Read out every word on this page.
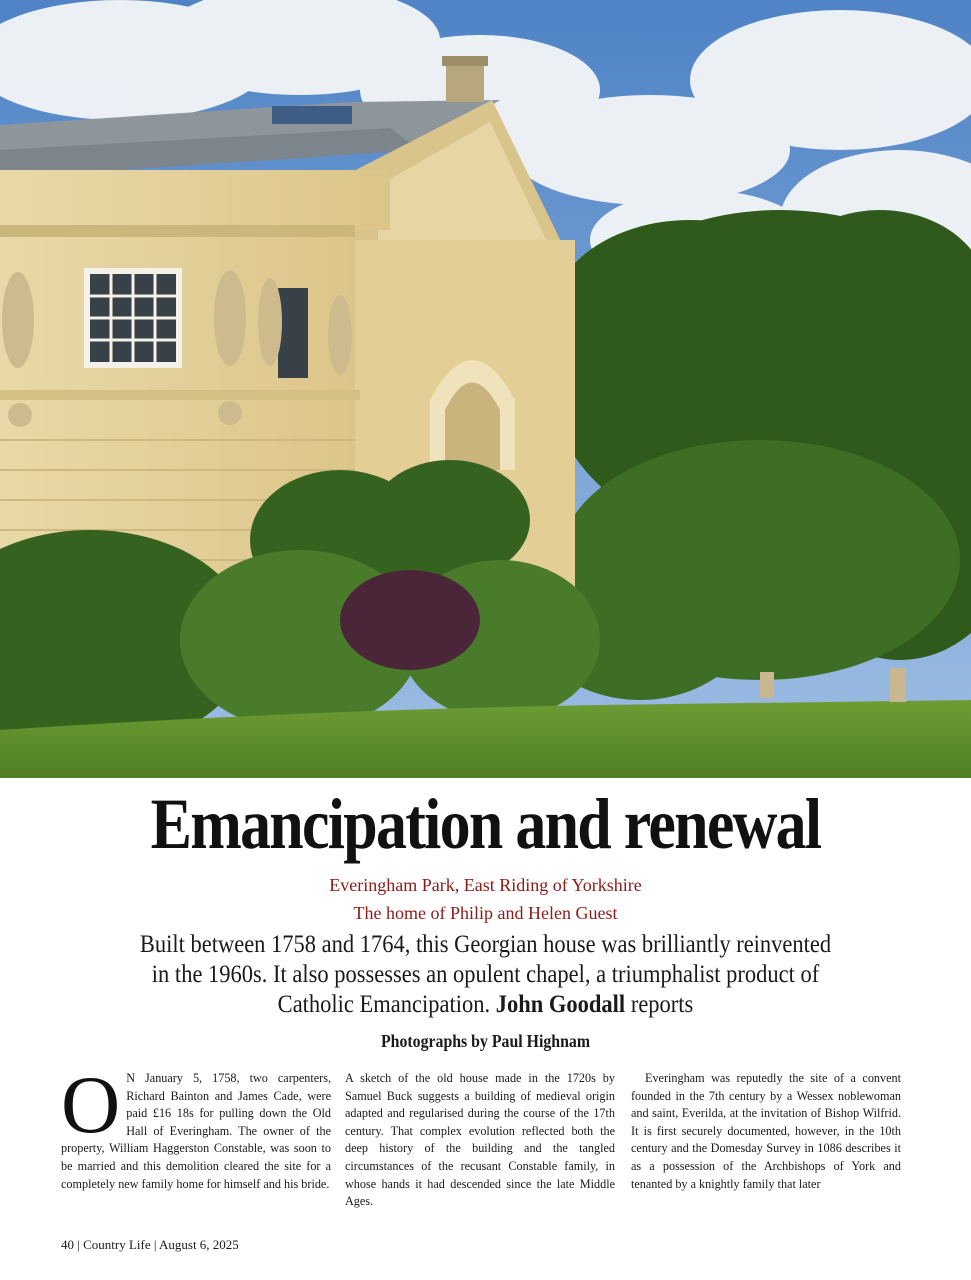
Emancipation and renewal
Everingham Park, East Riding of Yorkshire
The home of Philip and Helen Guest

Built between 1758 and 1764, this Georgian house was brilliantly reinvented in the 1960s. It also possesses an opulent chapel, a triumphalist product of Catholic Emancipation. John Goodall reports

Photographs by Paul Highnam

O N January 5, 1758, two carpenters, Richard Bainton and James Cade, were paid £16 18s for pulling down the Old Hall of Everingham. The owner of the property, William Haggerston Constable, was soon to be married and this demolition cleared the site for a completely new family home for himself and his bride.

A sketch of the old house made in the 1720s by Samuel Buck suggests a building of medieval origin adapted and regularised during the course of the 17th century. That complex evolution reflected both the deep history of the building and the tangled circumstances of the recusant Constable family, in whose hands it had descended since the late Middle Ages.

Everingham was reputedly the site of a convent founded in the 7th century by a Wessex noblewoman and saint, Everilda, at the invitation of Bishop Wilfrid. It is first securely documented, however, in the 10th century and the Domesday Survey in 1086 describes it as a possession of the Archbishops of York and tenanted by a knightly family that later

40 | Country Life | August 6, 2025
